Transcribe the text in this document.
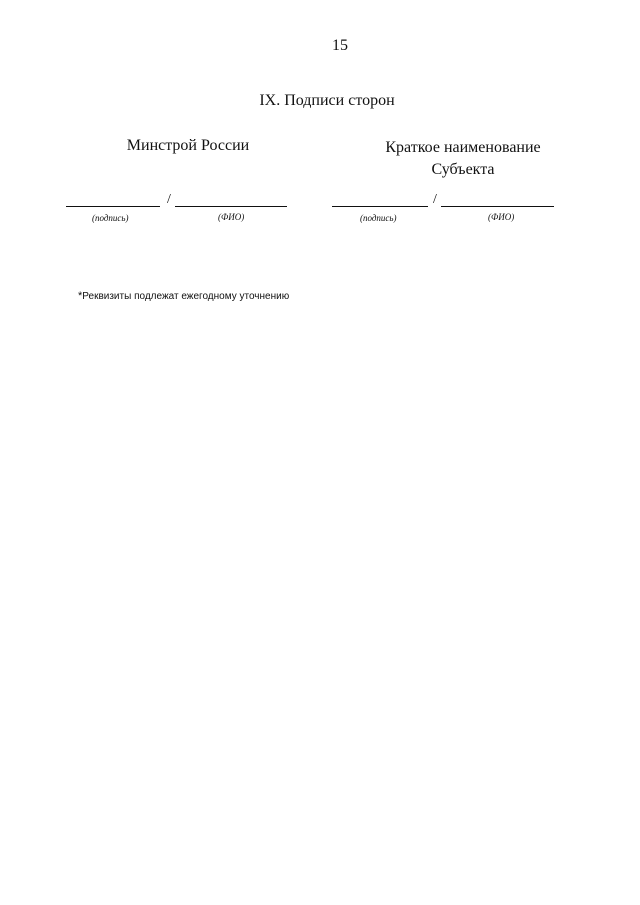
15
IX. Подписи сторон
Минстрой России
/
(подпись)	(ФИО)
Краткое наименование
Субъекта
/
(подпись)	(ФИО)
*Реквизиты подлежат ежегодному уточнению
